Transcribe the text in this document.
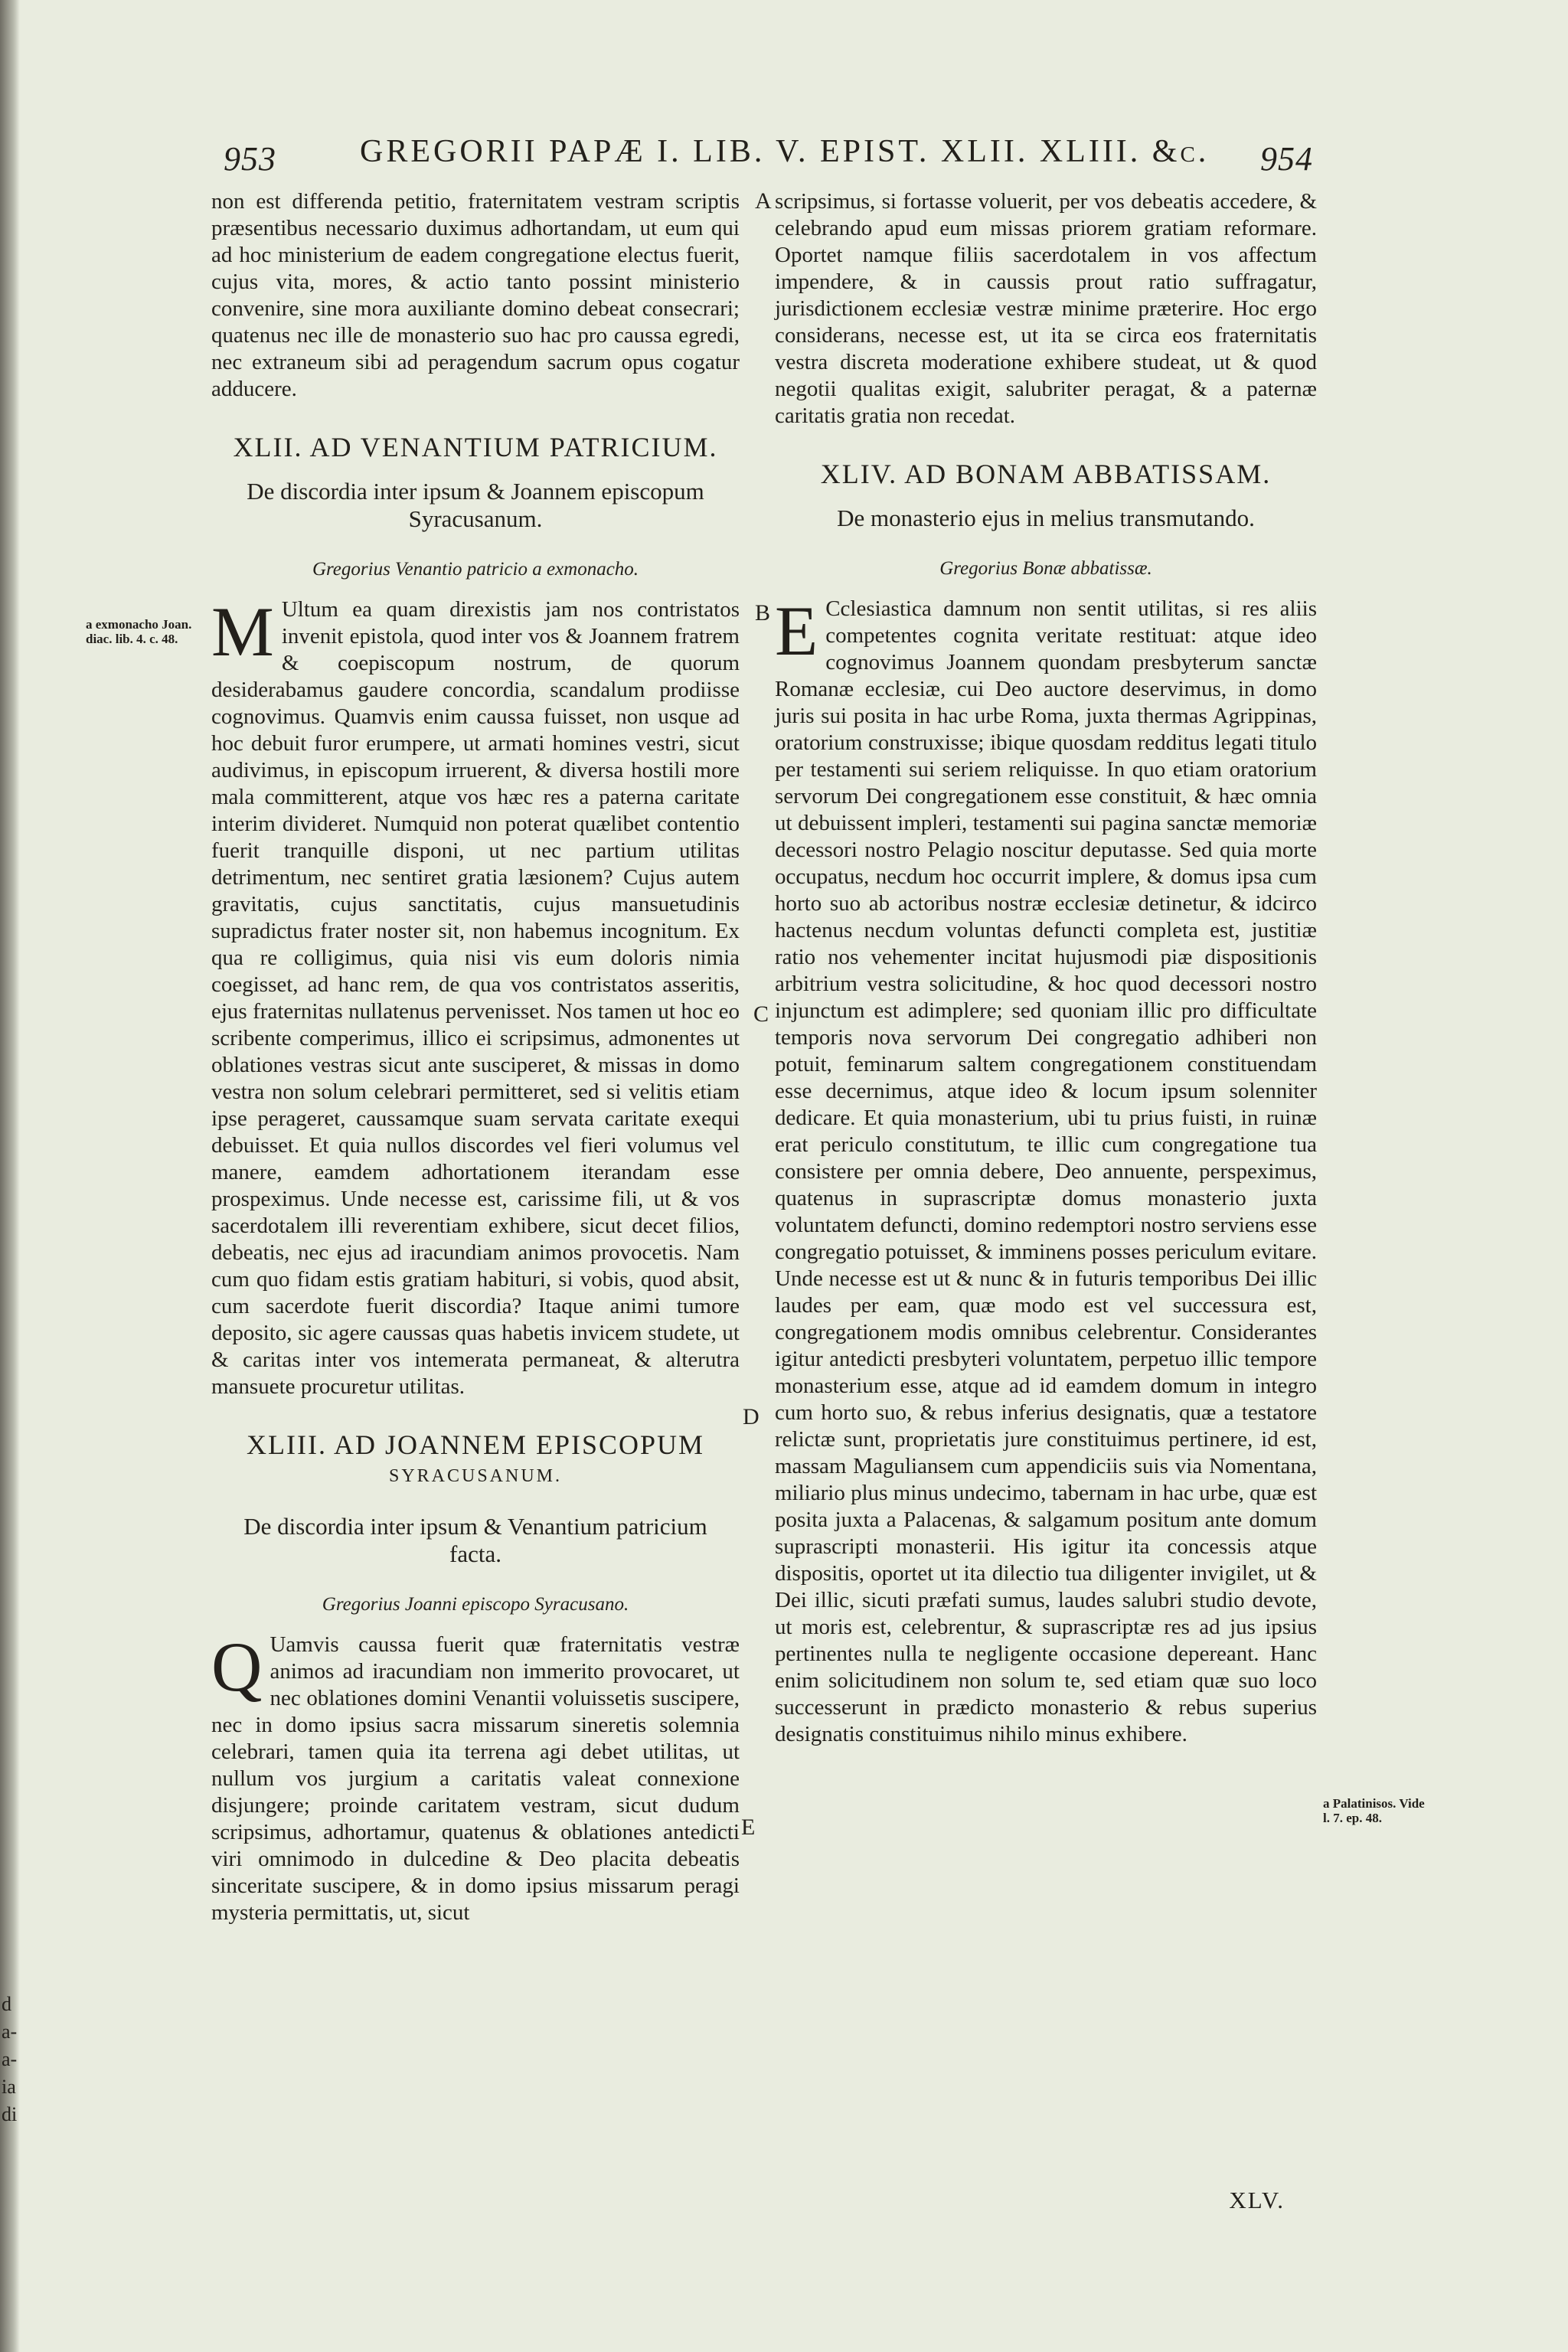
d
a-
a-
ia
di
953	GREGORII PAPÆ I. LIB. V. EPIST. XLII. XLIII. &c.	954
A
B
C
D
E
a exmonacho Joan. diac. lib. 4. c. 48.
a Palatinisos. Vide l. 7. ep. 48.

non est differenda petitio, fraternitatem vestram scriptis præsentibus necessario duximus adhortandam, ut eum qui ad hoc ministerium de eadem congregatione electus fuerit, cujus vita, mores, & actio tanto possint ministerio convenire, sine mora auxiliante domino debeat consecrari; quatenus nec ille de monasterio suo hac pro caussa egredi, nec extraneum sibi ad peragendum sacrum opus cogatur adducere.

XLII. AD VENANTIUM PATRICIUM.
De discordia inter ipsum & Joannem episcopum Syracusanum.
Gregorius Venantio patricio a exmonacho.

M Ultum ea quam direxistis jam nos contristatos invenit epistola, quod inter vos & Joannem fratrem & coepiscopum nostrum, de quorum desiderabamus gaudere concordia, scandalum prodiisse cognovimus. Quamvis enim caussa fuisset, non usque ad hoc debuit furor erumpere, ut armati homines vestri, sicut audivimus, in episcopum irruerent, & diversa hostili more mala committerent, atque vos hæc res a paterna caritate interim divideret. Numquid non poterat quælibet contentio fuerit tranquille disponi, ut nec partium utilitas detrimentum, nec sentiret gratia læsionem? Cujus autem gravitatis, cujus sanctitatis, cujus mansuetudinis supradictus frater noster sit, non habemus incognitum. Ex qua re colligimus, quia nisi vis eum doloris nimia coegisset, ad hanc rem, de qua vos contristatos asseritis, ejus fraternitas nullatenus pervenisset. Nos tamen ut hoc eo scribente comperimus, illico ei scripsimus, admonentes ut oblationes vestras sicut ante susciperet, & missas in domo vestra non solum celebrari permitteret, sed si velitis etiam ipse perageret, caussamque suam servata caritate exequi debuisset. Et quia nullos discordes vel fieri volumus vel manere, eamdem adhortationem iterandam esse prospeximus. Unde necesse est, carissime fili, ut & vos sacerdotalem illi reverentiam exhibere, sicut decet filios, debeatis, nec ejus ad iracundiam animos provocetis. Nam cum quo fidam estis gratiam habituri, si vobis, quod absit, cum sacerdote fuerit discordia? Itaque animi tumore deposito, sic agere caussas quas habetis invicem studete, ut & caritas inter vos intemerata permaneat, & alterutra mansuete procuretur utilitas.

XLIII. AD JOANNEM EPISCOPUM
SYRACUSANUM.
De discordia inter ipsum & Venantium patricium facta.
Gregorius Joanni episcopo Syracusano.

Q Uamvis caussa fuerit quæ fraternitatis vestræ animos ad iracundiam non immerito provocaret, ut nec oblationes domini Venantii voluissetis suscipere, nec in domo ipsius sacra missarum sineretis solemnia celebrari, tamen quia ita terrena agi debet utilitas, ut nullum vos jurgium a caritatis valeat connexione disjungere; proinde caritatem vestram, sicut dudum scripsimus, adhortamur, quatenus & oblationes antedicti viri omnimodo in dulcedine & Deo placita debeatis sinceritate suscipere, & in domo ipsius missarum peragi mysteria permittatis, ut, sicut

scripsimus, si fortasse voluerit, per vos debeatis accedere, & celebrando apud eum missas priorem gratiam reformare. Oportet namque filiis sacerdotalem in vos affectum impendere, & in caussis prout ratio suffragatur, jurisdictionem ecclesiæ vestræ minime præterire. Hoc ergo considerans, necesse est, ut ita se circa eos fraternitatis vestra discreta moderatione exhibere studeat, ut & quod negotii qualitas exigit, salubriter peragat, & a paternæ caritatis gratia non recedat.

XLIV. AD BONAM ABBATISSAM.
De monasterio ejus in melius transmutando.
Gregorius Bonæ abbatissæ.

E Cclesiastica damnum non sentit utilitas, si res aliis competentes cognita veritate restituat: atque ideo cognovimus Joannem quondam presbyterum sanctæ Romanæ ecclesiæ, cui Deo auctore deservimus, in domo juris sui posita in hac urbe Roma, juxta thermas Agrippinas, oratorium construxisse; ibique quosdam redditus legati titulo per testamenti sui seriem reliquisse. In quo etiam oratorium servorum Dei congregationem esse constituit, & hæc omnia ut debuissent impleri, testamenti sui pagina sanctæ memoriæ decessori nostro Pelagio noscitur deputasse. Sed quia morte occupatus, necdum hoc occurrit implere, & domus ipsa cum horto suo ab actoribus nostræ ecclesiæ detinetur, & idcirco hactenus necdum voluntas defuncti completa est, justitiæ ratio nos vehementer incitat hujusmodi piæ dispositionis arbitrium vestra solicitudine, & hoc quod decessori nostro injunctum est adimplere; sed quoniam illic pro difficultate temporis nova servorum Dei congregatio adhiberi non potuit, feminarum saltem congregationem constituendam esse decernimus, atque ideo & locum ipsum solenniter dedicare. Et quia monasterium, ubi tu prius fuisti, in ruinæ erat periculo constitutum, te illic cum congregatione tua consistere per omnia debere, Deo annuente, perspeximus, quatenus in suprascriptæ domus monasterio juxta voluntatem defuncti, domino redemptori nostro serviens esse congregatio potuisset, & imminens posses periculum evitare. Unde necesse est ut & nunc & in futuris temporibus Dei illic laudes per eam, quæ modo est vel successura est, congregationem modis omnibus celebrentur. Considerantes igitur antedicti presbyteri voluntatem, perpetuo illic tempore monasterium esse, atque ad id eamdem domum in integro cum horto suo, & rebus inferius designatis, quæ a testatore relictæ sunt, proprietatis jure constituimus pertinere, id est, massam Maguliansem cum appendiciis suis via Nomentana, miliario plus minus undecimo, tabernam in hac urbe, quæ est posita juxta a Palacenas, & salgamum positum ante domum suprascripti monasterii. His igitur ita concessis atque dispositis, oportet ut ita dilectio tua diligenter invigilet, ut & Dei illic, sicuti præfati sumus, laudes salubri studio devote, ut moris est, celebrentur, & suprascriptæ res ad jus ipsius pertinentes nulla te negligente occasione depereant. Hanc enim solicitudinem non solum te, sed etiam quæ suo loco successerunt in prædicto monasterio & rebus superius designatis constituimus nihilo minus exhibere.

XLV.
